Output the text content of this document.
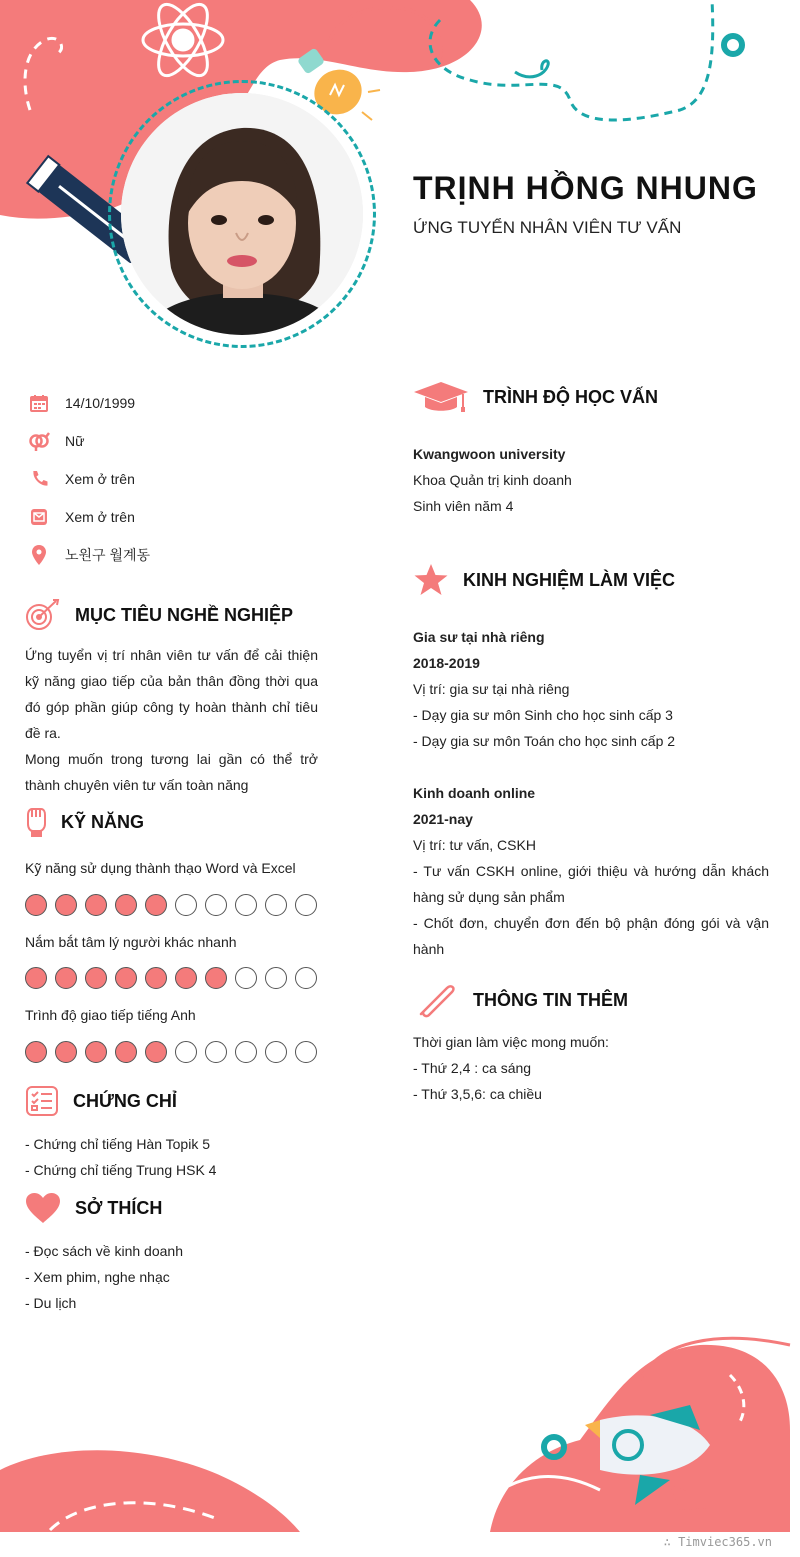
TRỊNH HỒNG NHUNG
ỨNG TUYỂN NHÂN VIÊN TƯ VẤN
14/10/1999
Nữ
Xem ở trên
Xem ở trên
노원구 월계동
MỤC TIÊU NGHỀ NGHIỆP
Ứng tuyển vị trí nhân viên tư vấn để cải thiện kỹ năng giao tiếp của bản thân đồng thời qua đó góp phần giúp công ty hoàn thành chỉ tiêu đề ra.
Mong muốn trong tương lai gần có thể trở thành chuyên viên tư vấn toàn năng
KỸ NĂNG
Kỹ năng sử dụng thành thạo Word và Excel
Nắm bắt tâm lý người khác nhanh
Trình độ giao tiếp tiếng Anh
CHỨNG CHỈ
- Chứng chỉ tiếng Hàn Topik 5
- Chứng chỉ tiếng Trung HSK 4
SỞ THÍCH
- Đọc sách về kinh doanh
- Xem phim, nghe nhạc
- Du lịch
TRÌNH ĐỘ HỌC VẤN
Kwangwoon university
Khoa Quản trị kinh doanh
Sinh viên năm 4
KINH NGHIỆM LÀM VIỆC
Gia sư tại nhà riêng
2018-2019
Vị trí: gia sư tại nhà riêng
- Dạy gia sư môn Sinh cho học sinh cấp 3
- Dạy gia sư môn Toán cho học sinh cấp 2
Kinh doanh online
2021-nay
Vị trí: tư vấn, CSKH
- Tư vấn CSKH online, giới thiệu và hướng dẫn khách hàng sử dụng sản phẩm
- Chốt đơn, chuyển đơn đến bộ phận đóng gói và vận hành
THÔNG TIN THÊM
Thời gian làm việc mong muốn:
- Thứ 2,4 : ca sáng
- Thứ 3,5,6: ca chiều
∴ Timviec365.vn
